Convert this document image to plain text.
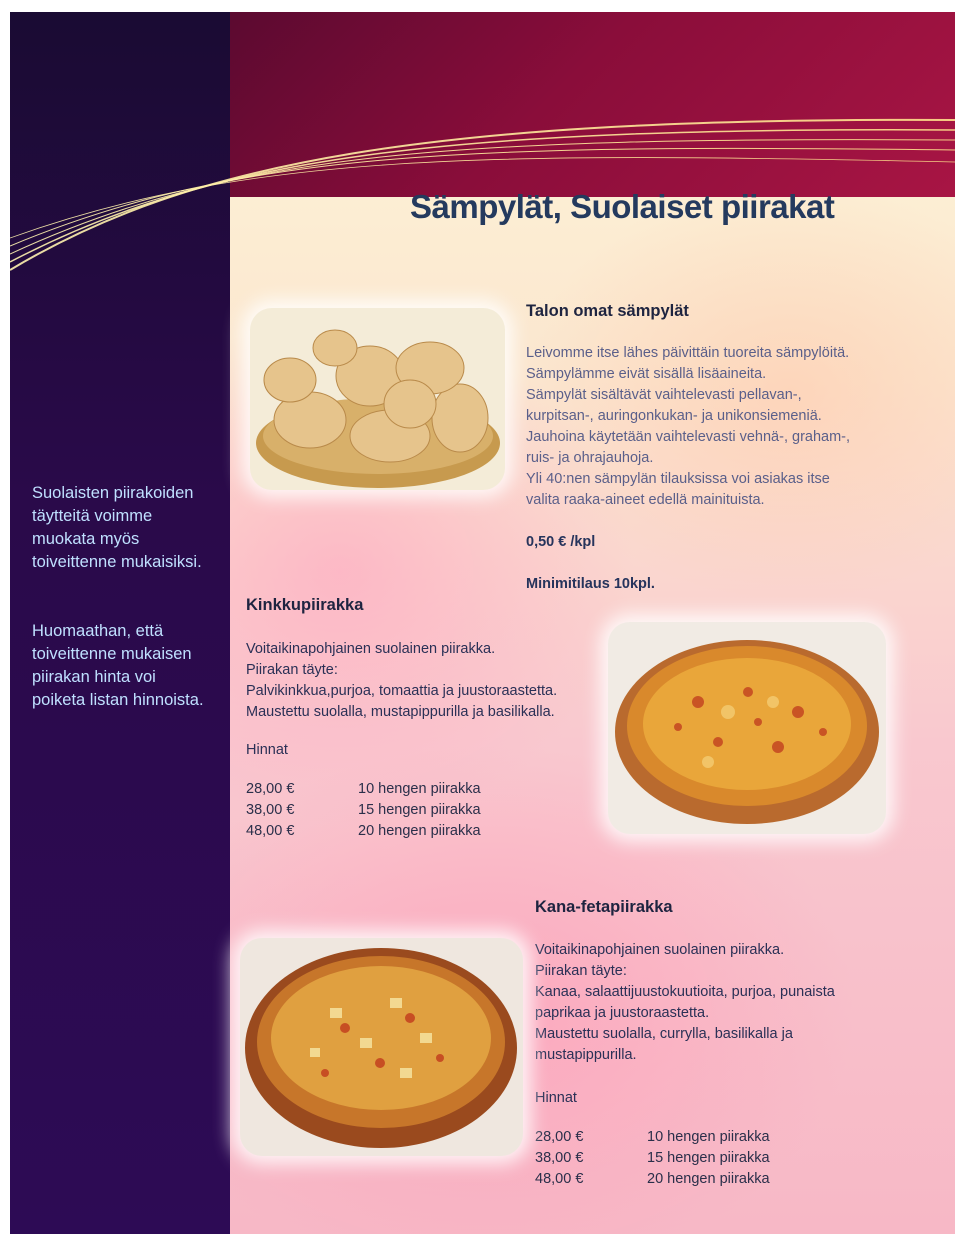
Sämpylät, Suolaiset piirakat

Suolaisten piirakoiden täytteitä voimme muokata myös toiveittenne mukaisiksi.

Huomaathan, että toiveittenne mukaisen piirakan hinta voi poiketa listan hinnoista.

Talon omat sämpylät
Leivomme itse lähes päivittäin tuoreita sämpylöitä.
Sämpylämme eivät sisällä lisäaineita.
Sämpylät sisältävät vaihtelevasti pellavan-,
kurpitsan-, auringonkukan- ja unikonsiemeniä.
Jauhoina käytetään vaihtelevasti vehnä-, graham-,
ruis- ja ohrajauhoja.
Yli 40:nen sämpylän tilauksissa voi asiakas itse
valita raaka-aineet edellä mainituista.

0,50 € /kpl

Minimitilaus 10kpl.

Kinkkupiirakka
Voitaikinapohjainen suolainen piirakka.
Piirakan täyte:
Palvikinkkua,purjoa, tomaattia ja juustoraastetta.
Maustettu suolalla, mustapippurilla ja basilikalla.

Hinnat

28,00 €	10 hengen piirakka
38,00 €	15 hengen piirakka
48,00 €	20 hengen piirakka
Kana-fetapiirakka
Voitaikinapohjainen suolainen piirakka.
Piirakan täyte:
Kanaa, salaattijuustokuutioita, purjoa, punaista
paprikaa ja juustoraastetta.
Maustettu suolalla, currylla, basilikalla ja
mustapippurilla.

Hinnat

28,00 €	10 hengen piirakka
38,00 €	15 hengen piirakka
48,00 €	20 hengen piirakka
